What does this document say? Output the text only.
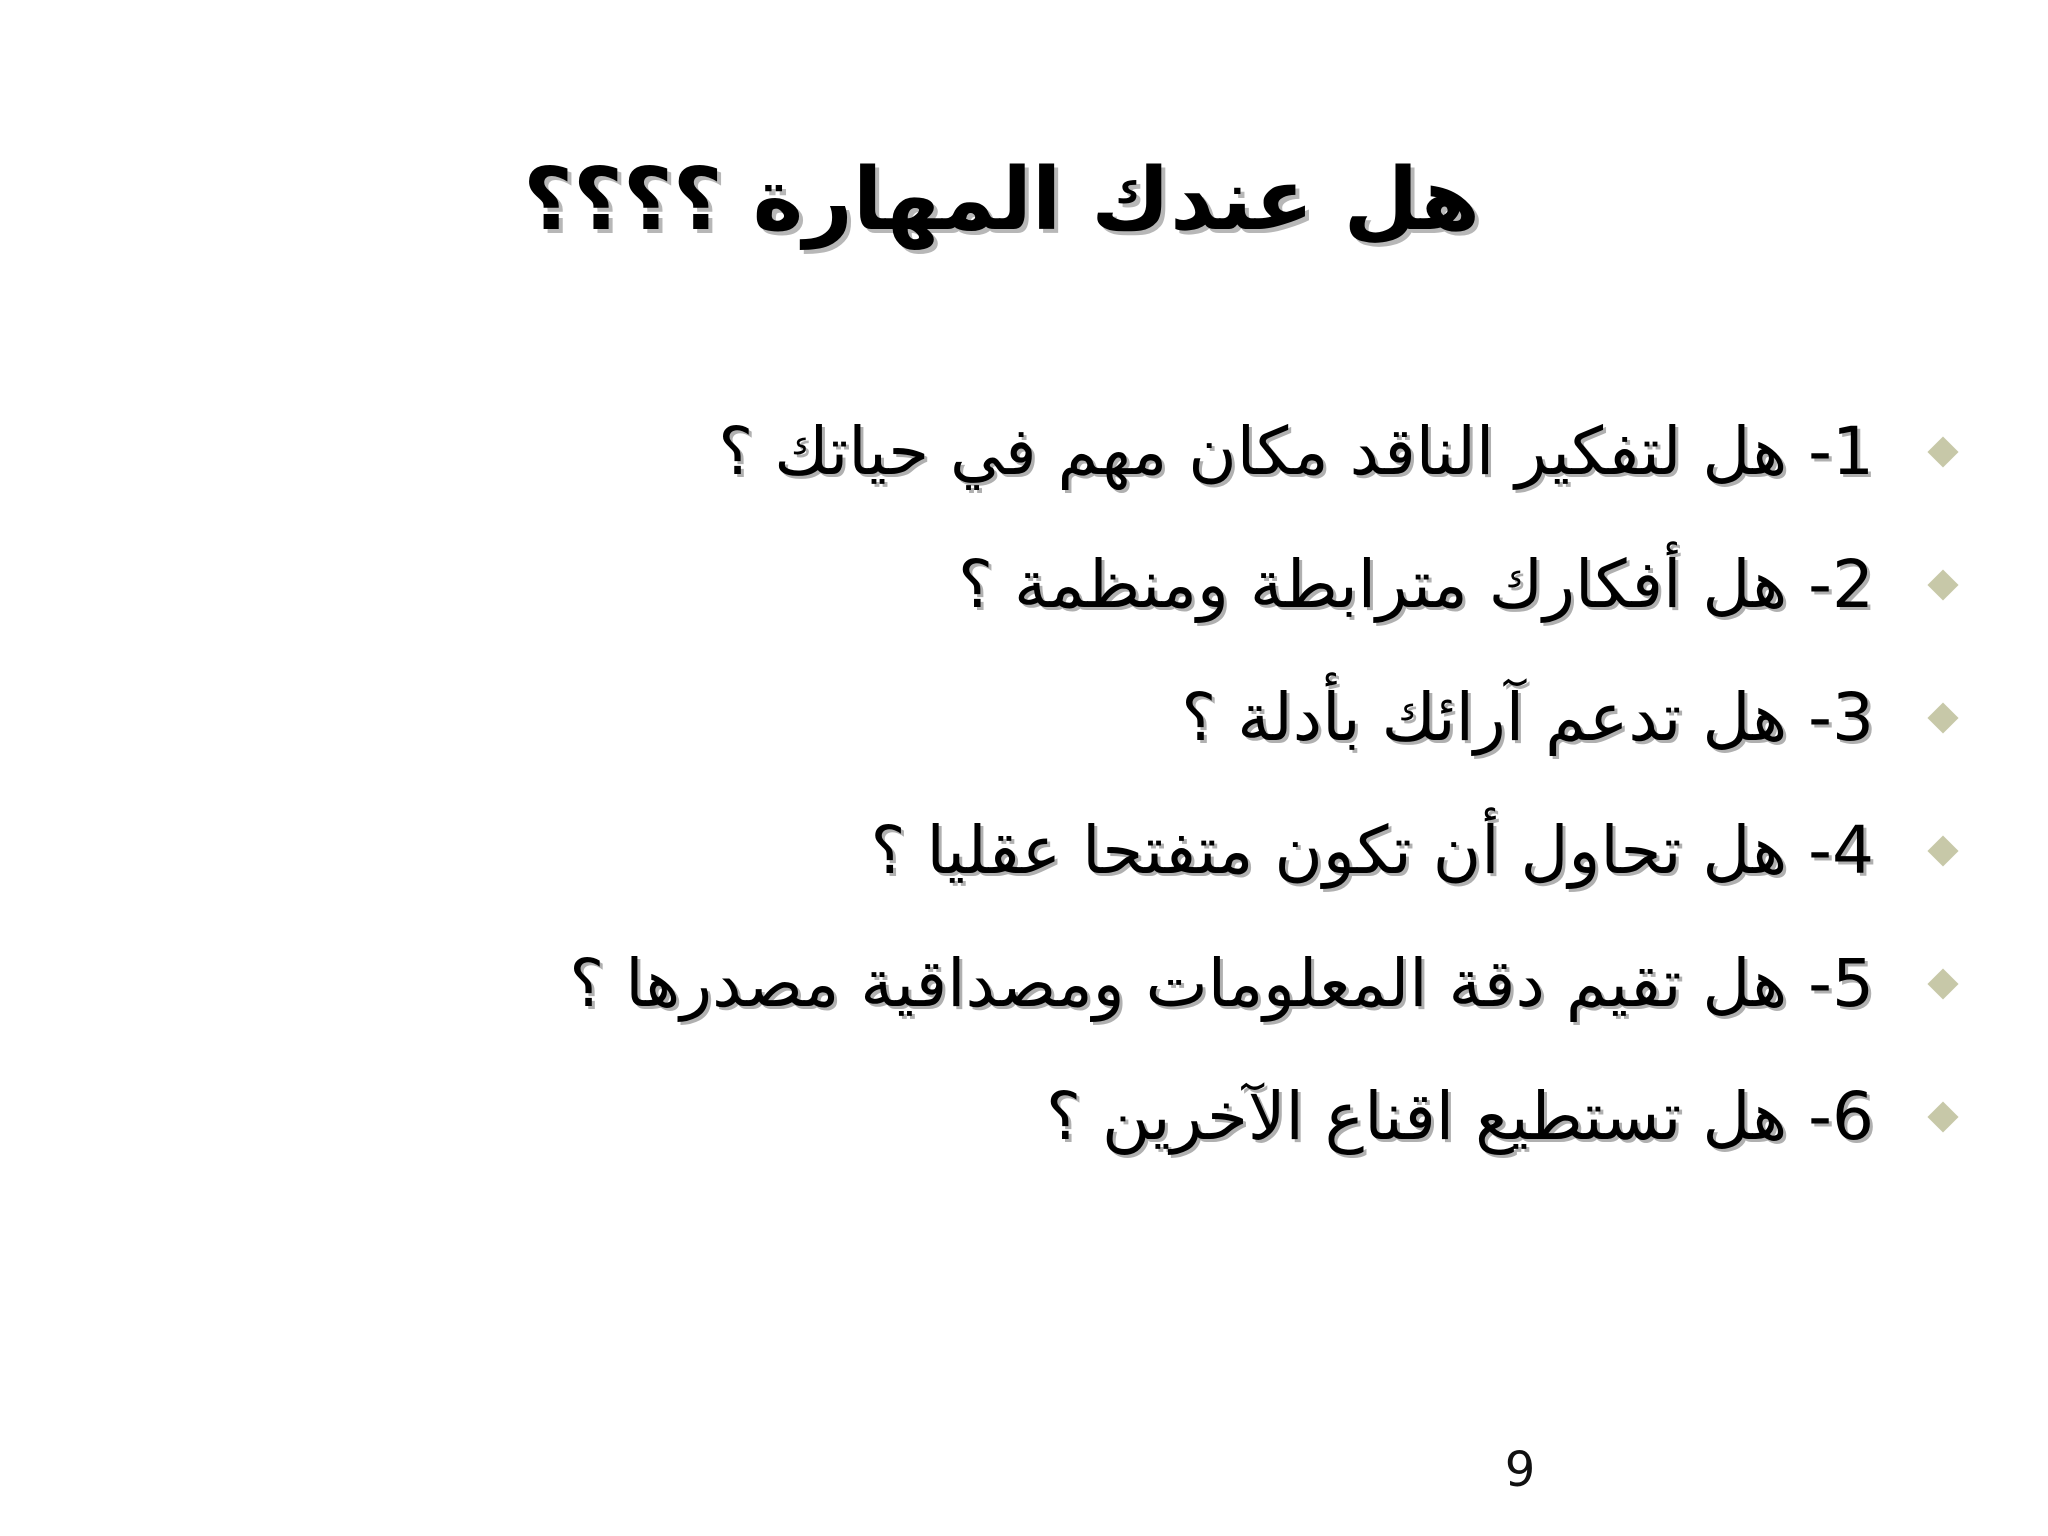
هل عندك المهارة ؟؟؟؟
1- هل لتفكير الناقد مكان مهم في حياتك ؟
2- هل أفكارك مترابطة ومنظمة ؟
3- هل تدعم آرائك بأدلة ؟
4- هل تحاول أن تكون متفتحا عقليا ؟
5- هل تقيم دقة المعلومات ومصداقية مصدرها ؟
6- هل تستطيع اقناع الآخرين ؟
9
